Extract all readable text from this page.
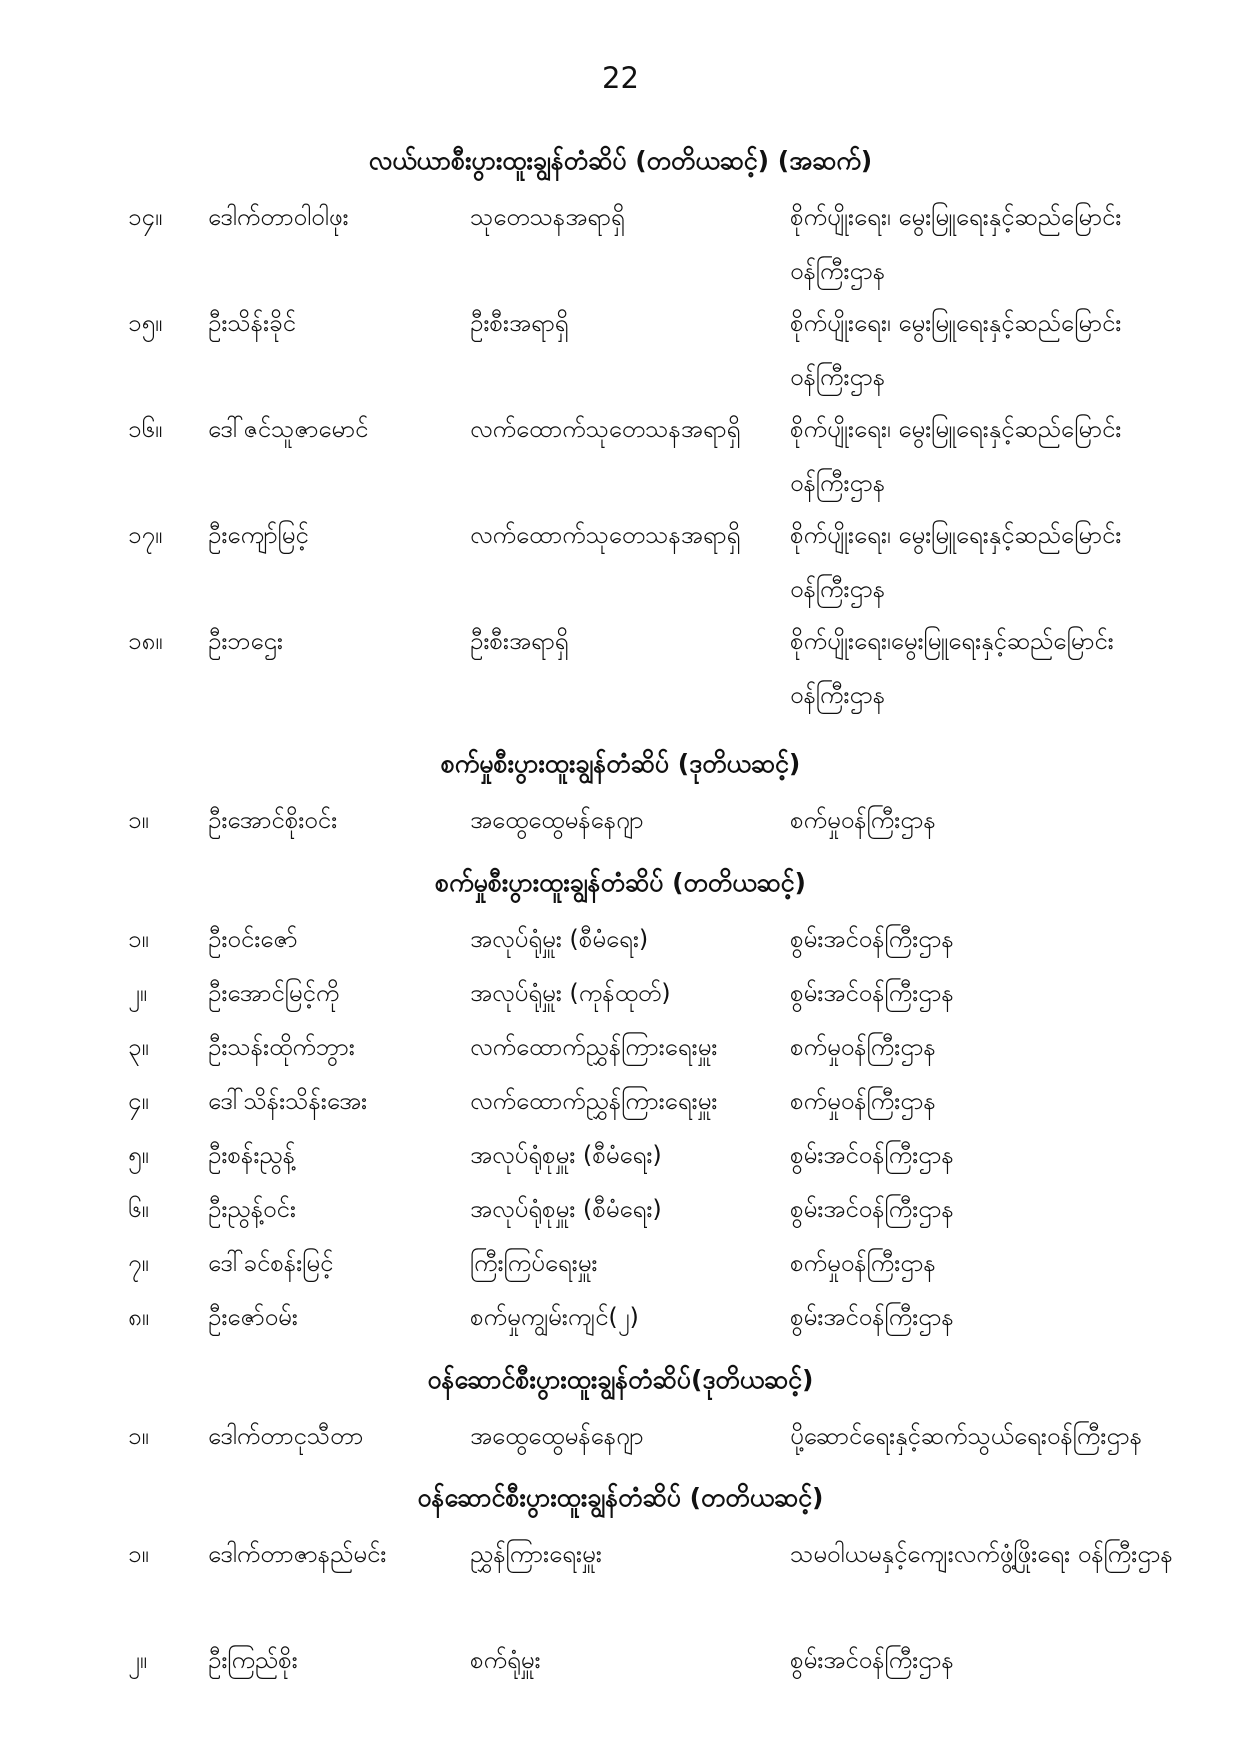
22
လယ်ယာစီးပွားထူးချွန်တံဆိပ် (တတိယဆင့်) (အဆက်)
၁၄။ ဒေါက်တာဝါဝါဖုး	သုတေသနအရာရှိ	စိုက်ပျိုးရေး၊ မွေးမြူရေးနှင့်ဆည်မြောင်း ဝန်ကြီးဌာန
၁၅။ ဦးသိန်းခိုင်	ဦးစီးအရာရှိ	စိုက်ပျိုးရေး၊ မွေးမြူရေးနှင့်ဆည်မြောင်း ဝန်ကြီးဌာန
၁၆။ ဒေါ်ဇင်သူဇာမောင်	လက်ထောက်သုတေသနအရာရှိ စိုက်ပျိုးရေး၊ မွေးမြူရေးနှင့်ဆည်မြောင်း ဝန်ကြီးဌာန
၁၇။ ဦးကျော်မြင့်	လက်ထောက်သုတေသနအရာရှိ စိုက်ပျိုးရေး၊ မွေးမြူရေးနှင့်ဆည်မြောင်း ဝန်ကြီးဌာန
၁၈။ ဦးဘဌေး	ဦးစီးအရာရှိ	စိုက်ပျိုးရေး၊မွေးမြူရေးနှင့်ဆည်မြောင်း ဝန်ကြီးဌာန
စက်မှုစီးပွားထူးချွန်တံဆိပ် (ဒုတိယဆင့်)
၁။ ဦးအောင်စိုးဝင်း	အထွေထွေမန်နေဂျာ	စက်မှုဝန်ကြီးဌာန
စက်မှုစီးပွားထူးချွန်တံဆိပ် (တတိယဆင့်)
၁။ ဦးဝင်းဇော်	အလုပ်ရုံမှူး (စီမံရေး)	စွမ်းအင်ဝန်ကြီးဌာန
၂။	ဦးအောင်မြင့်ကို	အလုပ်ရုံမှူး (ကုန်ထုတ်)	စွမ်းအင်ဝန်ကြီးဌာန
၃။ ဦးသန်းထိုက်ဘွား	လက်ထောက်ညွှန်ကြားရေးမှူး	စက်မှုဝန်ကြီးဌာန
၄။ ဒေါ်သိန်းသိန်းအေး	လက်ထောက်ညွှန်ကြားရေးမှူး	စက်မှုဝန်ကြီးဌာန
၅။ ဦးစန်းညွန့်	အလုပ်ရုံစုမှူး (စီမံရေး)	စွမ်းအင်ဝန်ကြီးဌာန
၆။ ဦးညွန့်ဝင်း	အလုပ်ရုံစုမှူး (စီမံရေး)	စွမ်းအင်ဝန်ကြီးဌာန
၇။ ဒေါ်ခင်စန်းမြင့်	ကြီးကြပ်ရေးမှူး	စက်မှုဝန်ကြီးဌာန
၈။ ဦးဇော်ဝမ်း	စက်မှုကျွမ်းကျင်(၂)	စွမ်းအင်ဝန်ကြီးဌာန
ဝန်ဆောင်စီးပွားထူးချွန်တံဆိပ်(ဒုတိယဆင့်)
၁။ ဒေါက်တာငုသီတာ	အထွေထွေမန်နေဂျာ	ပို့ဆောင်ရေးနှင့်ဆက်သွယ်ရေးဝန်ကြီးဌာန
ဝန်ဆောင်စီးပွားထူးချွန်တံဆိပ် (တတိယဆင့်)
၁။ ဒေါက်တာဇာနည်မင်း	ညွှန်ကြားရေးမှူး	သမဝါယမနှင့်ကျေးလက်ဖွံ့ဖြိုးရေး ဝန်ကြီးဌာန
၂။	ဦးကြည်စိုး	စက်ရုံမှူး	စွမ်းအင်ဝန်ကြီးဌာန
